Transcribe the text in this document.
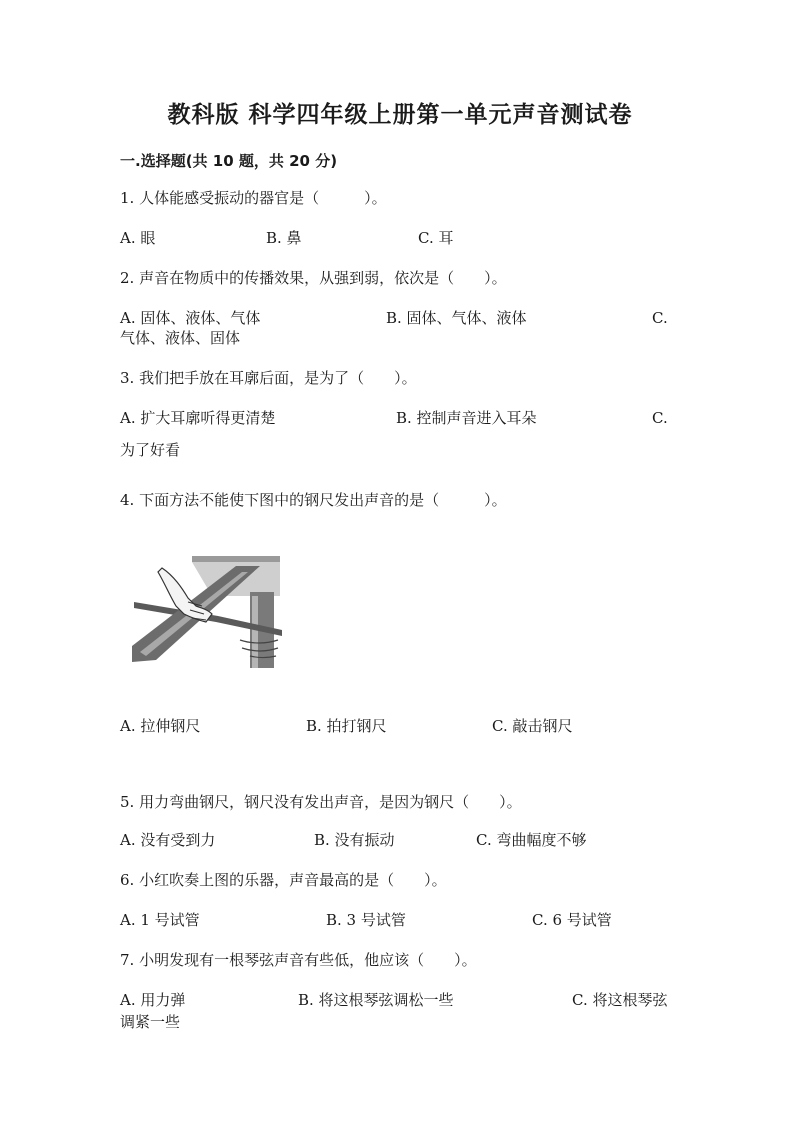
教科版 科学四年级上册第一单元声音测试卷
一.选择题(共 10 题，共 20 分)
1. 人体能感受振动的器官是（　　　）。
A. 眼	B. 鼻	C. 耳
2. 声音在物质中的传播效果，从强到弱，依次是（　　）。
A. 固体、液体、气体	B. 固体、气体、液体	C.
气体、液体、固体
3. 我们把手放在耳廓后面，是为了（　　）。
A. 扩大耳廓听得更清楚	B. 控制声音进入耳朵	C.
为了好看
4. 下面方法不能使下图中的钢尺发出声音的是（　　　）。
A. 拉伸钢尺	B. 拍打钢尺	C. 敲击钢尺
5. 用力弯曲钢尺，钢尺没有发出声音，是因为钢尺（　　）。
A. 没有受到力	B. 没有振动	C. 弯曲幅度不够
6. 小红吹奏上图的乐器，声音最高的是（　　）。
A. 1 号试管	B. 3 号试管	C. 6 号试管
7. 小明发现有一根琴弦声音有些低，他应该（　　）。
A. 用力弹	B. 将这根琴弦调松一些	C. 将这根琴弦
调紧一些
